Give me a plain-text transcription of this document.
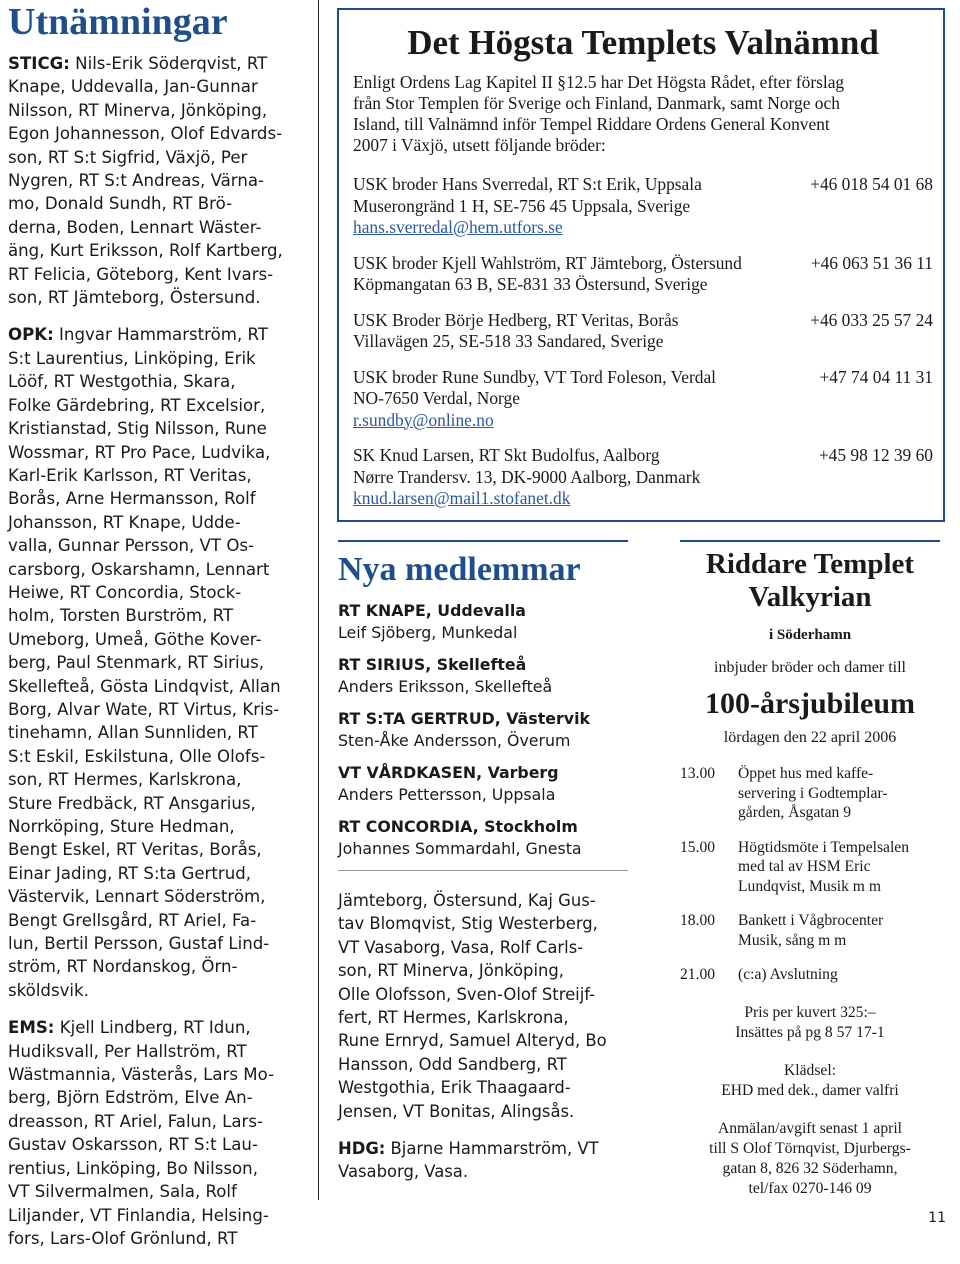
Utnämningar
STICG: Nils-Erik Söderqvist, RT
Knape, Uddevalla, Jan-Gunnar
Nilsson, RT Minerva, Jönköping,
Egon Johannesson, Olof Edvards-
son, RT S:t Sigfrid, Växjö, Per
Nygren, RT S:t Andreas, Värna-
mo, Donald Sundh, RT Brö-
derna, Boden, Lennart Wäster-
äng, Kurt Eriksson, Rolf Kartberg,
RT Felicia, Göteborg, Kent Ivars-
son, RT Jämteborg, Östersund.
OPK: Ingvar Hammarström, RT
S:t Laurentius, Linköping, Erik
Lööf, RT Westgothia, Skara,
Folke Gärdebring, RT Excelsior,
Kristianstad, Stig Nilsson, Rune
Wossmar, RT Pro Pace, Ludvika,
Karl-Erik Karlsson, RT Veritas,
Borås, Arne Hermansson, Rolf
Johansson, RT Knape, Udde-
valla, Gunnar Persson, VT Os-
carsborg, Oskarshamn, Lennart
Heiwe, RT Concordia, Stock-
holm, Torsten Burström, RT
Umeborg, Umeå, Göthe Kover-
berg, Paul Stenmark, RT Sirius,
Skellefteå, Gösta Lindqvist, Allan
Borg, Alvar Wate, RT Virtus, Kris-
tinehamn, Allan Sunnliden, RT
S:t Eskil, Eskilstuna, Olle Olofs-
son, RT Hermes, Karlskrona,
Sture Fredbäck, RT Ansgarius,
Norrköping, Sture Hedman,
Bengt Eskel, RT Veritas, Borås,
Einar Jading, RT S:ta Gertrud,
Västervik, Lennart Söderström,
Bengt Grellsgård, RT Ariel, Fa-
lun, Bertil Persson, Gustaf Lind-
ström, RT Nordanskog, Örn-
sköldsvik.
EMS: Kjell Lindberg, RT Idun,
Hudiksvall, Per Hallström, RT
Wästmannia, Västerås, Lars Mo-
berg, Björn Edström, Elve An-
dreasson, RT Ariel, Falun, Lars-
Gustav Oskarsson, RT S:t Lau-
rentius, Linköping, Bo Nilsson,
VT Silvermalmen, Sala, Rolf
Liljander, VT Finlandia, Helsing-
fors, Lars-Olof Grönlund, RT
Det Högsta Templets Valnämnd
Enligt Ordens Lag Kapitel II §12.5 har Det Högsta Rådet, efter förslag
från Stor Templen för Sverige och Finland, Danmark, samt Norge och
Island, till Valnämnd inför Tempel Riddare Ordens General Konvent
2007 i Växjö, utsett följande bröder:
USK broder Hans Sverredal, RT S:t Erik, Uppsala	+46 018 54 01 68
Muserongränd 1 H, SE-756 45 Uppsala, Sverige
hans.sverredal@hem.utfors.se
USK broder Kjell Wahlström, RT Jämteborg, Östersund	+46 063 51 36 11
Köpmangatan 63 B, SE-831 33 Östersund, Sverige
USK Broder Börje Hedberg, RT Veritas, Borås	+46 033 25 57 24
Villavägen 25, SE-518 33 Sandared, Sverige
USK broder Rune Sundby, VT Tord Foleson, Verdal	+47 74 04 11 31
NO-7650 Verdal, Norge
r.sundby@online.no
SK Knud Larsen, RT Skt Budolfus, Aalborg	+45 98 12 39 60
Nørre Trandersv. 13, DK-9000 Aalborg, Danmark
knud.larsen@mail1.stofanet.dk
Nya medlemmar
RT KNAPE, Uddevalla
Leif Sjöberg, Munkedal
RT SIRIUS, Skellefteå
Anders Eriksson, Skellefteå
RT S:TA GERTRUD, Västervik
Sten-Åke Andersson, Överum
VT VÅRDKASEN, Varberg
Anders Pettersson, Uppsala
RT CONCORDIA, Stockholm
Johannes Sommardahl, Gnesta
Jämteborg, Östersund, Kaj Gus-
tav Blomqvist, Stig Westerberg,
VT Vasaborg, Vasa, Rolf Carls-
son, RT Minerva, Jönköping,
Olle Olofsson, Sven-Olof Streijf-
fert, RT Hermes, Karlskrona,
Rune Ernryd, Samuel Alteryd, Bo
Hansson, Odd Sandberg, RT
Westgothia, Erik Thaagaard-
Jensen, VT Bonitas, Alingsås.
HDG: Bjarne Hammarström, VT
Vasaborg, Vasa.
Riddare Templet
Valkyrian
i Söderhamn
inbjuder bröder och damer till
100-årsjubileum
lördagen den 22 april 2006
13.00	Öppet hus med kaffe-
servering i Godtemplar-
gården, Åsgatan 9
15.00	Högtidsmöte i Tempelsalen
med tal av HSM Eric
Lundqvist, Musik m m
18.00	Bankett i Vågbrocenter
Musik, sång m m
21.00	(c:a) Avslutning
Pris per kuvert 325:–
Insättes på pg 8 57 17-1
Klädsel:
EHD med dek., damer valfri
Anmälan/avgift senast 1 april
till S Olof Törnqvist, Djurbergs-
gatan 8, 826 32 Söderhamn,
tel/fax 0270-146 09
11
